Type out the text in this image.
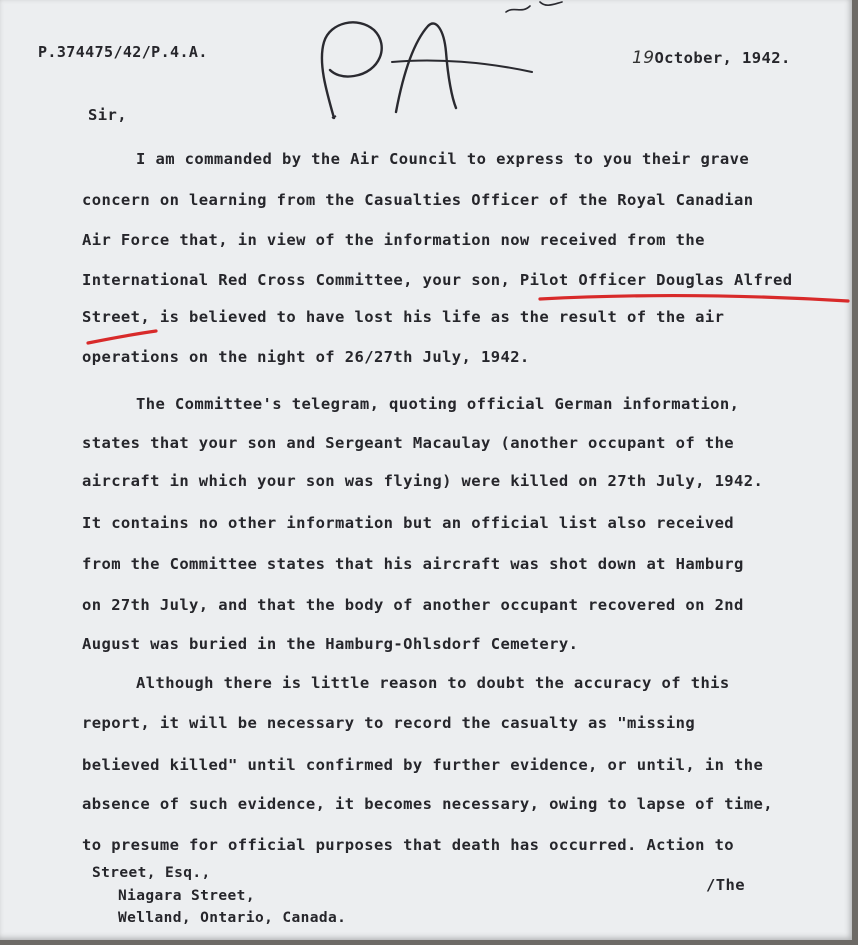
P.374475/42/P.4.A.	19October, 1942.
Sir,
I am commanded by the Air Council to express to you their grave
concern on learning from the Casualties Officer of the Royal Canadian
Air Force that, in view of the information now received from the
International Red Cross Committee, your son, Pilot Officer Douglas Alfred
Street, is believed to have lost his life as the result of the air
operations on the night of 26/27th July, 1942.
The Committee's telegram, quoting official German information,
states that your son and Sergeant Macaulay (another occupant of the
aircraft in which your son was flying) were killed on 27th July, 1942.
It contains no other information but an official list also received
from the Committee states that his aircraft was shot down at Hamburg
on 27th July, and that the body of another occupant recovered on 2nd
August was buried in the Hamburg-Ohlsdorf Cemetery.
Although there is little reason to doubt the accuracy of this
report, it will be necessary to record the casualty as "missing
believed killed" until confirmed by further evidence, or until, in the
absence of such evidence, it becomes necessary, owing to lapse of time,
to presume for official purposes that death has occurred. Action to
Street, Esq.,
Niagara Street,
Welland, Ontario, Canada.
/The
